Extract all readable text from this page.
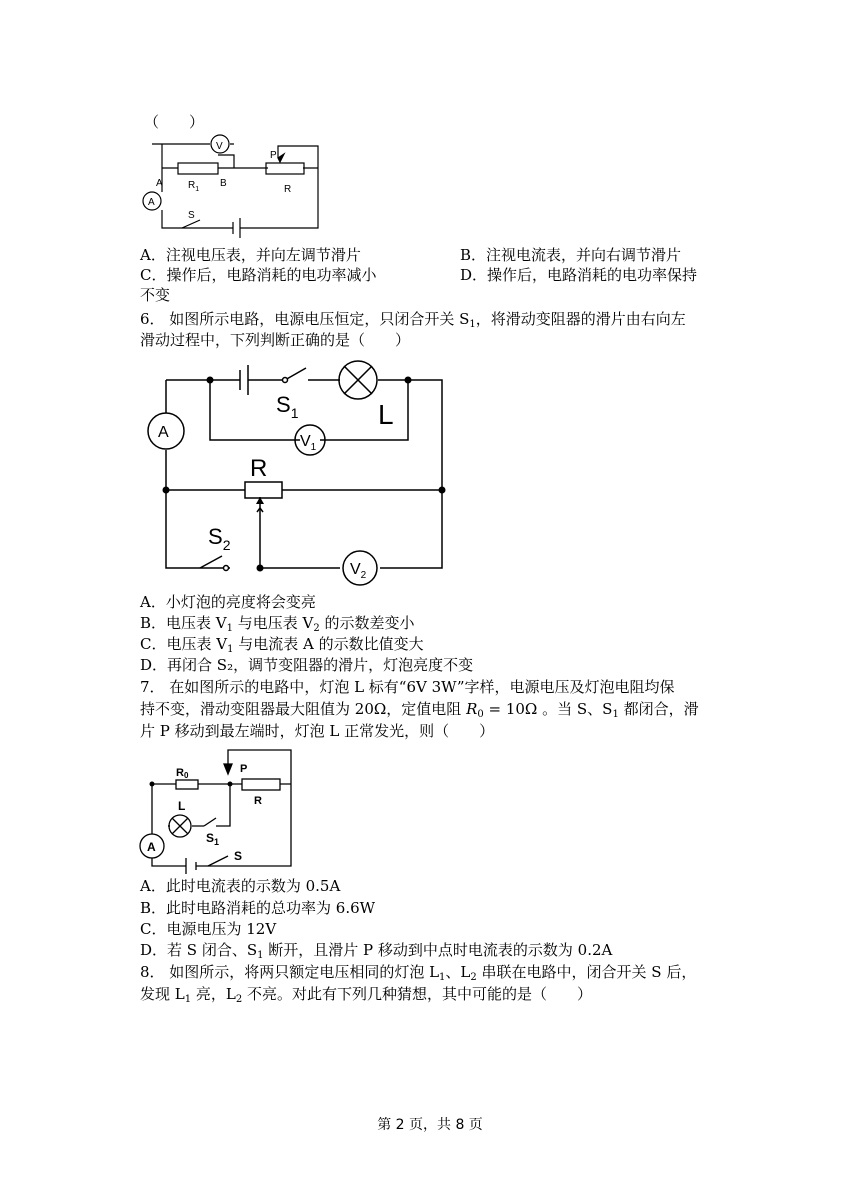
（　　）
V
A
A	B
$R_1$
P
R
S
A．注视电压表，并向左调节滑片	B．注视电流表，并向右调节滑片
C．操作后，电路消耗的电功率减小	D．操作后，电路消耗的电功率保持
不变
6． 如图所示电路，电源电压恒定，只闭合开关 $S_1$，将滑动变阻器的滑片由右向左
滑动过程中，下列判断正确的是（　　）
A
$S_1$	L
$V_1$
R
$S_2$
$V_2$
A．小灯泡的亮度将会变亮
B．电压表 $V_1$ 与电压表 $V_2$ 的示数差变小
C．电压表 $V_1$ 与电流表 A 的示数比值变大
D．再闭合 S₂，调节变阻器的滑片，灯泡亮度不变
7． 在如图所示的电路中，灯泡 L 标有“6V 3W”字样，电源电压及灯泡电阻均保
持不变，滑动变阻器最大阻值为 20Ω，定值电阻 $R_0 = 10\Omega$ 。当 S、$S_1$ 都闭合，滑
片 P 移动到最左端时，灯泡 L 正常发光，则（　　）
R0
P
R
L
$S_1$
A
S
A．此时电流表的示数为 0.5A
B．此时电路消耗的总功率为 6.6W
C．电源电压为 12V
D．若 S 闭合、$S_1$ 断开，且滑片 P 移动到中点时电流表的示数为 0.2A
8． 如图所示，将两只额定电压相同的灯泡 $L_1$、$L_2$ 串联在电路中，闭合开关 S 后，
发现 $L_1$ 亮，$L_2$ 不亮。对此有下列几种猜想，其中可能的是（　　）
第 2 页，共 8 页
